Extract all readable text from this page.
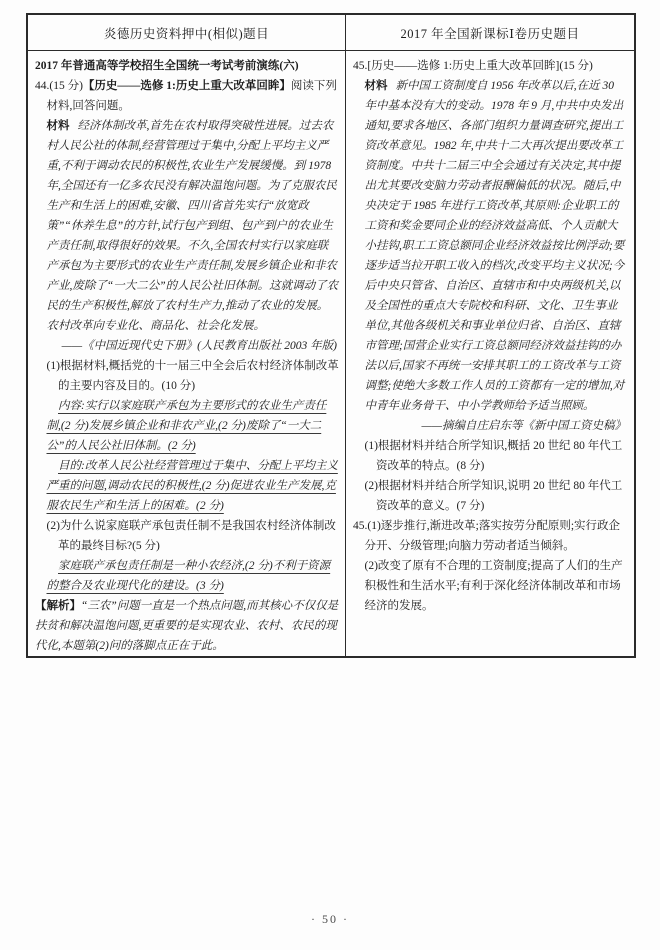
炎德历史资料押中(相似)题目	2017 年全国新课标Ⅰ卷历史题目

2017 年普通高等学校招生全国统一考试考前演练(六)

44.(15 分)【历史——选修 1:历史上重大改革回眸】阅读下列材料,回答问题。

材料 经济体制改革,首先在农村取得突破性进展。过去农村人民公社的体制,经营管理过于集中,分配上平均主义严重,不利于调动农民的积极性,农业生产发展缓慢。到 1978 年,全国还有一亿多农民没有解决温饱问题。为了克服农民生产和生活上的困难,安徽、四川省首先实行“放宽政策”“休养生息”的方针,试行包产到组、包产到户的农业生产责任制,取得很好的效果。不久,全国农村实行以家庭联产承包为主要形式的农业生产责任制,发展乡镇企业和非农产业,废除了“一大二公”的人民公社旧体制。这就调动了农民的生产积极性,解放了农村生产力,推动了农业的发展。农村改革向专业化、商品化、社会化发展。

——《中国近现代史下册》(人民教育出版社 2003 年版)

(1)根据材料,概括党的十一届三中全会后农村经济体制改革的主要内容及目的。(10 分)

内容:实行以家庭联产承包为主要形式的农业生产责任制,(2 分)发展乡镇企业和非农产业,(2 分)废除了“一大二公”的人民公社旧体制。(2 分)

目的:改革人民公社经营管理过于集中、分配上平均主义严重的问题,调动农民的积极性,(2 分)促进农业生产发展,克服农民生产和生活上的困难。(2 分)

(2)为什么说家庭联产承包责任制不是我国农村经济体制改革的最终目标?(5 分)

家庭联产承包责任制是一种小农经济,(2 分)不利于资源的整合及农业现代化的建设。(3 分)

【解析】“三农”问题一直是一个热点问题,而其核心不仅仅是扶贫和解决温饱问题,更重要的是实现农业、农村、农民的现代化,本题第(2)问的落脚点正在于此。

45.[历史——选修 1:历史上重大改革回眸](15 分)

材料 新中国工资制度自 1956 年改革以后,在近 30 年中基本没有大的变动。1978 年 9 月,中共中央发出通知,要求各地区、各部门组织力量调查研究,提出工资改革意见。1982 年,中共十二大再次提出要改革工资制度。中共十二届三中全会通过有关决定,其中提出尤其要改变脑力劳动者报酬偏低的状况。随后,中央决定于 1985 年进行工资改革,其原则:企业职工的工资和奖金要同企业的经济效益高低、个人贡献大小挂钩,职工工资总额同企业经济效益按比例浮动;要逐步适当拉开职工收入的档次,改变平均主义状况;今后中央只管省、自治区、直辖市和中央两级机关,以及全国性的重点大专院校和科研、文化、卫生事业单位,其他各级机关和事业单位归省、自治区、直辖市管理;国营企业实行工资总额同经济效益挂钩的办法以后,国家不再统一安排其职工的工资改革与工资调整;使绝大多数工作人员的工资都有一定的增加,对中青年业务骨干、中小学教师给予适当照顾。

——摘编自庄启东等《新中国工资史稿》

(1)根据材料并结合所学知识,概括 20 世纪 80 年代工资改革的特点。(8 分)

(2)根据材料并结合所学知识,说明 20 世纪 80 年代工资改革的意义。(7 分)

45.(1)逐步推行,渐进改革;落实按劳分配原则;实行政企分开、分级管理;向脑力劳动者适当倾斜。

(2)改变了原有不合理的工资制度;提高了人们的生产积极性和生活水平;有利于深化经济体制改革和市场经济的发展。

· 50 ·
